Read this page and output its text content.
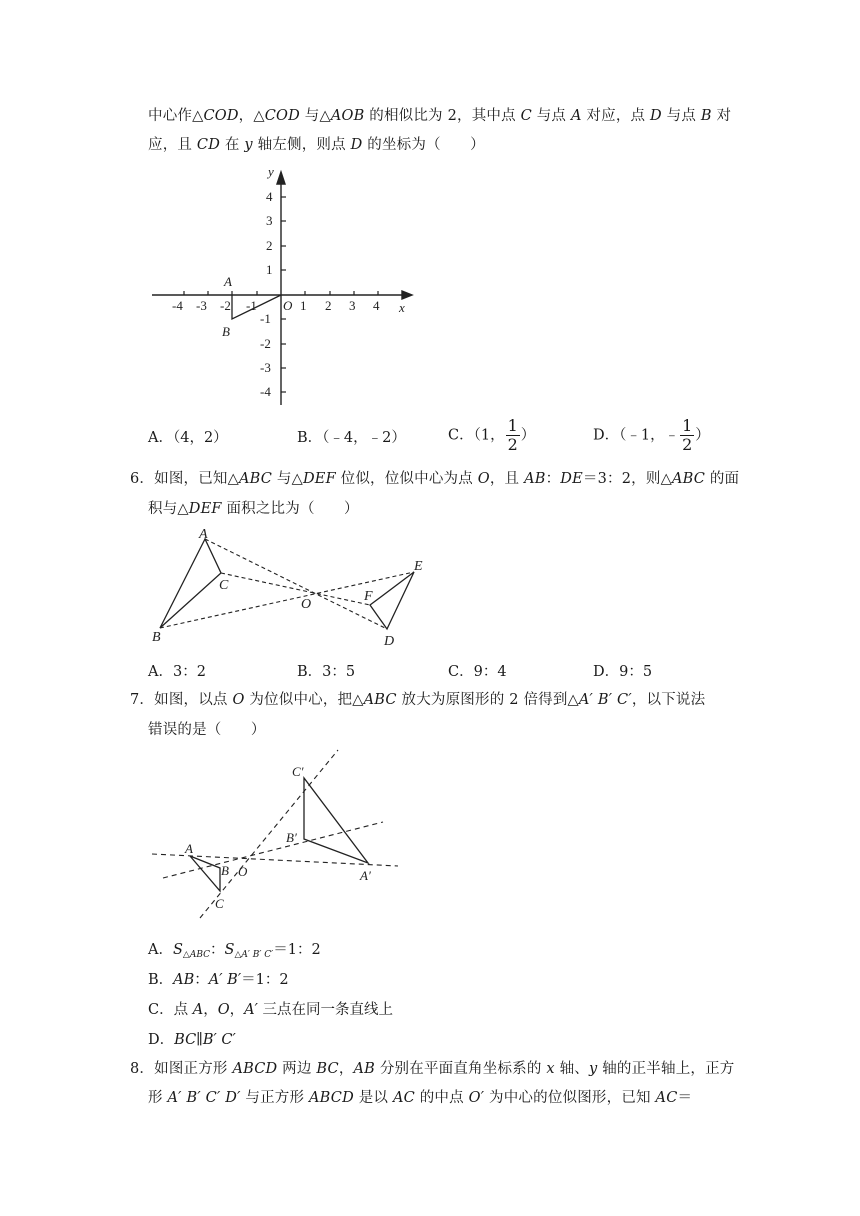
中心作△COD，△COD 与△AOB 的相似比为 2，其中点 C 与点 A 对应，点 D 与点 B 对
应，且 CD 在 y 轴左侧，则点 D 的坐标为（　　）
-4 -3 -2 -1	1 2 3 4
4
3
2
1
-1
-2
-3
-4
x
y
O
A
B
A．（4，2）	B．（﹣4，﹣2）	C．（1， $\frac{1}{2}$ ）	D．（﹣1，﹣ $\frac{1}{2}$ ）
6．如图，已知△ABC 与△DEF 位似，位似中心为点 O，且 AB：DE＝3：2，则△ABC 的面
积与△DEF 面积之比为（　　）
A
B
C
O
F
E
D
A．3：2	B．3：5	C．9：4	D．9：5
7．如图，以点 O 为位似中心，把△ABC 放大为原图形的 2 倍得到△A′ B′ C′，以下说法
错误的是（　　）
C′
B′
A′
A
B O
C
A．$S_{\triangle ABC}$：$S_{\triangle A' B' C'}=1$：2
B．AB：A′ B′＝1：2
C．点 A，O，A′ 三点在同一条直线上
D．BC∥B′ C′
8．如图正方形 ABCD 两边 BC，AB 分别在平面直角坐标系的 x 轴、y 轴的正半轴上，正方
形 A′ B′ C′ D′ 与正方形 ABCD 是以 AC 的中点 O′ 为中心的位似图形，已知 AC＝
